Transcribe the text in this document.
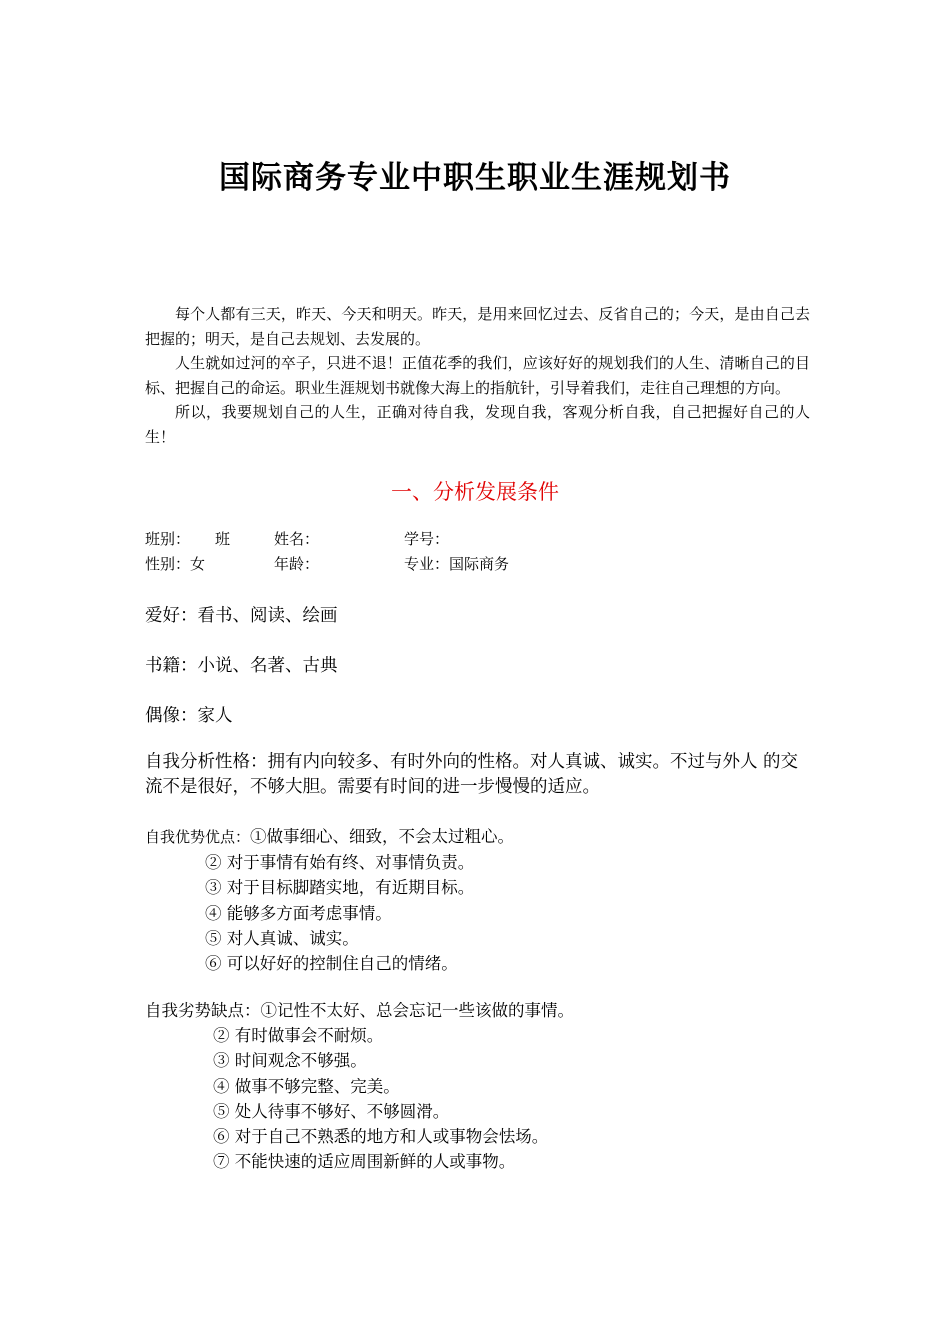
国际商务专业中职生职业生涯规划书

每个人都有三天，昨天、今天和明天。昨天，是用来回忆过去、反省自己的；今天，是由自己去把握的；明天，是自己去规划、去发展的。

人生就如过河的卒子，只进不退！正值花季的我们，应该好好的规划我们的人生、清晰自己的目标、把握自己的命运。职业生涯规划书就像大海上的指航针，引导着我们，走往自己理想的方向。

所以，我要规划自己的人生，正确对待自我，发现自我，客观分析自我，自己把握好自己的人生！

一、分析发展条件
班别： 班	姓名：	学号：
性别：女	年龄：	专业：国际商务
爱好：看书、阅读、绘画
书籍：小说、名著、古典
偶像：家人
自我分析性格：拥有内向较多、有时外向的性格。对人真诚、诚实。不过与外人 的交流不是很好，不够大胆。需要有时间的进一步慢慢的适应。
自我优势优点：①做事细心、细致，不会太过粗心。
② 对于事情有始有终、对事情负责。
③ 对于目标脚踏实地，有近期目标。
④ 能够多方面考虑事情。
⑤ 对人真诚、诚实。
⑥ 可以好好的控制住自己的情绪。
自我劣势缺点：①记性不太好、总会忘记一些该做的事情。
② 有时做事会不耐烦。
③ 时间观念不够强。
④ 做事不够完整、完美。
⑤ 处人待事不够好、不够圆滑。
⑥ 对于自己不熟悉的地方和人或事物会怯场。
⑦ 不能快速的适应周围新鲜的人或事物。
